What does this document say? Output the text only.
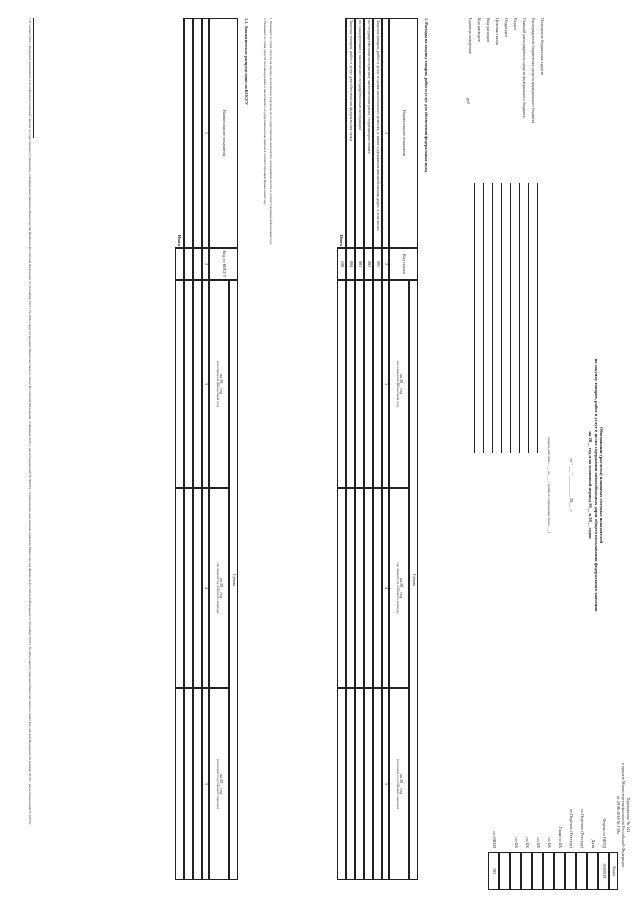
Приложение № 141
к приказу Министерства финансов Российской Федерации
от 29.06.2018 № 139н
Обоснование (расчеты) плановых сметных показателей
на закупку товаров, работ и услуг в целях содержания автомобильных дорог общего пользования федерального значения
на 20__ год и на плановый период 20__ и 20__ годов
от " ___ " __________ 20___ г.
(период действия с ___ по ___ с момента утверждения сметы ___)
Коды
Форма по ОКУД
0505919
Дата
по Перечню (Реестру)
по Перечню (Реестру)
Глава по БК
по БК
по БК
по БК
по БК
по ОКЕИ
383
Получатель бюджетных средств
Распорядитель бюджетных средств федерального бюджета
Главный распорядитель средств федерального бюджета
Раздел
Подраздел
Целевая статья
Вид расходов
Код расходов
Единица измерения:
руб
1. Расходы на закупку товаров, работ и услуг для обеспечения федеральных нужд
Наименование показателя
Код строки
Сумма
на 20__ год
(на очередной финансовый год)
на 20__ год
(на первый год планового периода)
на 20__ год
(на второй год планового периода)
1
2
3
4
5
Закупка товаров, работ и услуг в целях капитального ремонта, а также содержания автомобильных дорог, в том числе:
001
по государственным контрактам, заключенным ранее, подлежащим оплате
002
по планируемым к заключению государственным контрактам
003
Закупка товаров, работ и услуг для обеспечения федеральных нужд
004
Итого
100
1 Указывается сумма средств на закупку, включенных в расходы по государственным контрактам, подлежащим оплате в соответствующем финансовом году.
2 Указывается сумма средств по планируемым к заключению государственным контрактам в соответствующем финансовом году.
1.1. Аналитическое распределение по КОСГУ
Наименование показателя
Код по КОСГУ
Сумма
на 20__ год
(на очередной финансовый год)
на 20__ год
(на первый год планового периода)
на 20__ год
(на второй год планового периода)
1
2
3
4
5
Итого
1 В соответствии с Порядком применения классификации операций сектора государственного управления, утвержденным приказом Министерства финансов Российской Федерации от 29 ноября 2017 г. № 209н (зарегистрирован Министерством юстиции Российской Федерации 12 февраля 2018 г., регистрационный № 50003), с изменениями, внесенными приказом Министерства финансов Российской Федерации от 30 ноября 2018 г. № 245н (зарегистрирован Министерством юстиции Российской Федерации 28 декабря 2018 г., регистрационный № 53272).
